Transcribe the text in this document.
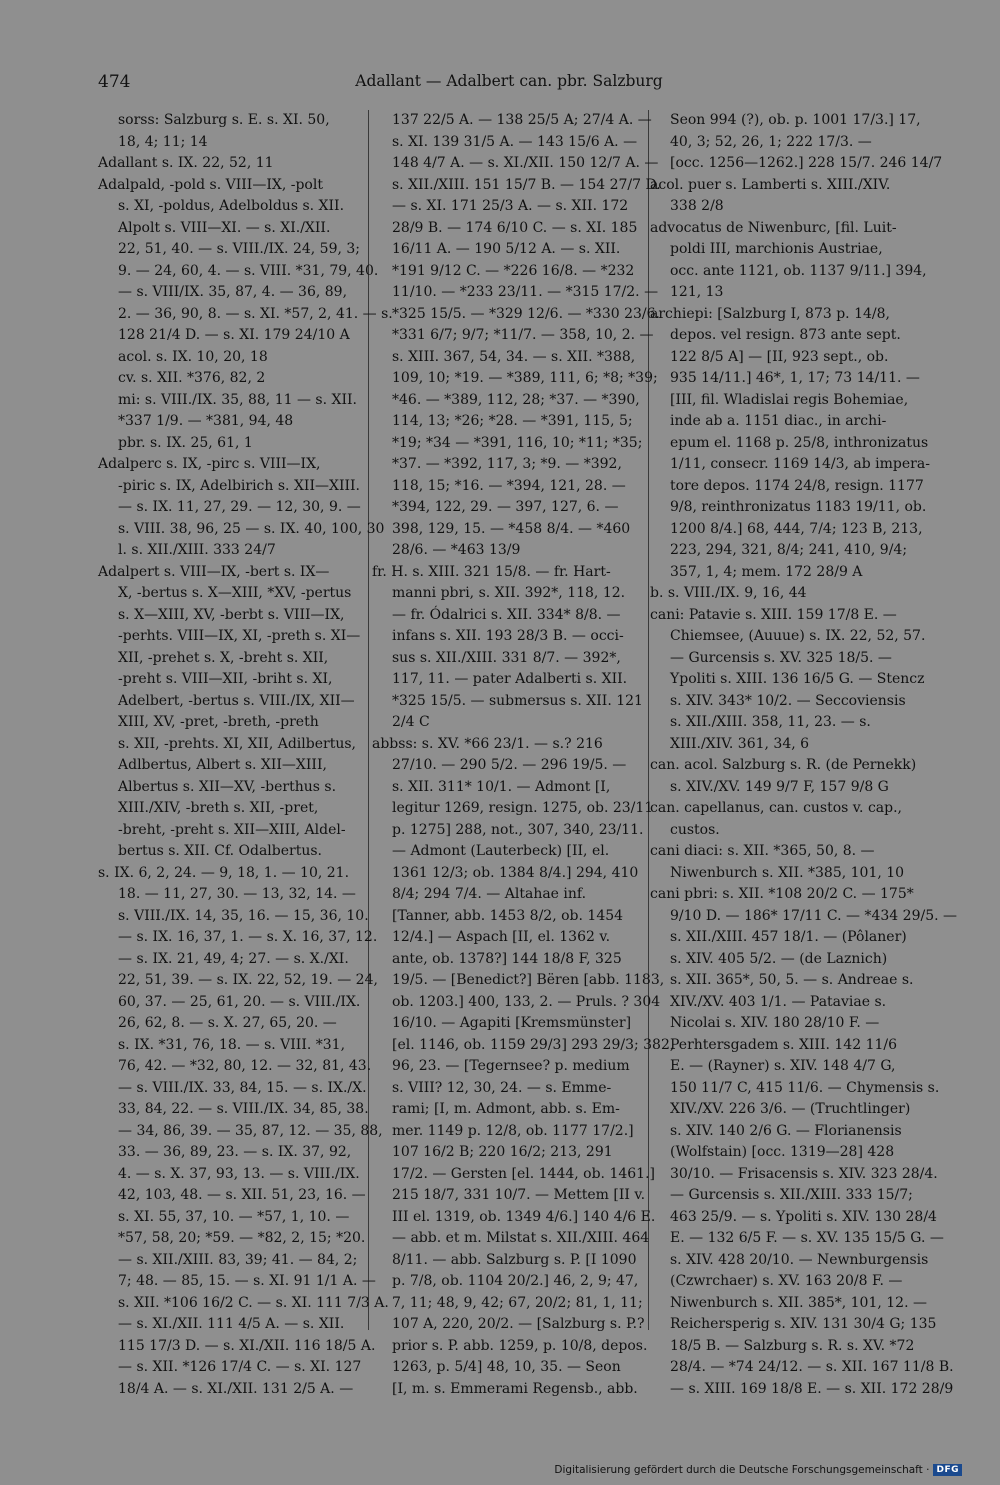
474	Adallant — Adalbert can. pbr. Salzburg
sorss: Salzburg s. E. s. XI. 50,
18, 4; 11; 14
Adallant s. IX. 22, 52, 11
Adalpald, -pold s. VIII—IX, -polt
s. XI, -poldus, Adelboldus s. XII.
Alpolt s. VIII—XI. — s. XI./XII.
22, 51, 40. — s. VIII./IX. 24, 59, 3;
9. — 24, 60, 4. — s. VIII. *31, 79, 40.
— s. VIII/IX. 35, 87, 4. — 36, 89,
2. — 36, 90, 8. — s. XI. *57, 2, 41. — s.
128 21/4 D. — s. XI. 179 24/10 A
acol. s. IX. 10, 20, 18
cv. s. XII. *376, 82, 2
mi: s. VIII./IX. 35, 88, 11 — s. XII.
*337 1/9. — *381, 94, 48
pbr. s. IX. 25, 61, 1
Adalperc s. IX, -pirc s. VIII—IX,
-piric s. IX, Adelbirich s. XII—XIII.
— s. IX. 11, 27, 29. — 12, 30, 9. —
s. VIII. 38, 96, 25 — s. IX. 40, 100, 30
l. s. XII./XIII. 333 24/7
Adalpert s. VIII—IX, -bert s. IX—
X, -bertus s. X—XIII, *XV, -pertus
s. X—XIII, XV, -berbt s. VIII—IX,
-perhts. VIII—IX, XI, -preth s. XI—
XII, -prehet s. X, -breht s. XII,
-preht s. VIII—XII, -briht s. XI,
Adelbert, -bertus s. VIII./IX, XII—
XIII, XV, -pret, -breth, -preth
s. XII, -prehts. XI, XII, Adilbertus,
Adlbertus, Albert s. XII—XIII,
Albertus s. XII—XV, -berthus s.
XIII./XIV, -breth s. XII, -pret,
-breht, -preht s. XII—XIII, Aldel-
bertus s. XII. Cf. Odalbertus.
s. IX. 6, 2, 24. — 9, 18, 1. — 10, 21.
18. — 11, 27, 30. — 13, 32, 14. —
s. VIII./IX. 14, 35, 16. — 15, 36, 10.
— s. IX. 16, 37, 1. — s. X. 16, 37, 12.
— s. IX. 21, 49, 4; 27. — s. X./XI.
22, 51, 39. — s. IX. 22, 52, 19. — 24,
60, 37. — 25, 61, 20. — s. VIII./IX.
26, 62, 8. — s. X. 27, 65, 20. —
s. IX. *31, 76, 18. — s. VIII. *31,
76, 42. — *32, 80, 12. — 32, 81, 43.
— s. VIII./IX. 33, 84, 15. — s. IX./X.
33, 84, 22. — s. VIII./IX. 34, 85, 38.
— 34, 86, 39. — 35, 87, 12. — 35, 88,
33. — 36, 89, 23. — s. IX. 37, 92,
4. — s. X. 37, 93, 13. — s. VIII./IX.
42, 103, 48. — s. XII. 51, 23, 16. —
s. XI. 55, 37, 10. — *57, 1, 10. —
*57, 58, 20; *59. — *82, 2, 15; *20.
— s. XII./XIII. 83, 39; 41. — 84, 2;
7; 48. — 85, 15. — s. XI. 91 1/1 A. —
s. XII. *106 16/2 C. — s. XI. 111 7/3 A.
— s. XI./XII. 111 4/5 A. — s. XII.
115 17/3 D. — s. XI./XII. 116 18/5 A.
— s. XII. *126 17/4 C. — s. XI. 127
18/4 A. — s. XI./XII. 131 2/5 A. —
137 22/5 A. — 138 25/5 A; 27/4 A. —
s. XI. 139 31/5 A. — 143 15/6 A. —
148 4/7 A. — s. XI./XII. 150 12/7 A. —
s. XII./XIII. 151 15/7 B. — 154 27/7 D.
— s. XI. 171 25/3 A. — s. XII. 172
28/9 B. — 174 6/10 C. — s. XI. 185
16/11 A. — 190 5/12 A. — s. XII.
*191 9/12 C. — *226 16/8. — *232
11/10. — *233 23/11. — *315 17/2. —
*325 15/5. — *329 12/6. — *330 23/6.
*331 6/7; 9/7; *11/7. — 358, 10, 2. —
s. XIII. 367, 54, 34. — s. XII. *388,
109, 10; *19. — *389, 111, 6; *8; *39;
*46. — *389, 112, 28; *37. — *390,
114, 13; *26; *28. — *391, 115, 5;
*19; *34 — *391, 116, 10; *11; *35;
*37. — *392, 117, 3; *9. — *392,
118, 15; *16. — *394, 121, 28. —
*394, 122, 29. — 397, 127, 6. —
398, 129, 15. — *458 8/4. — *460
28/6. — *463 13/9
fr. H. s. XIII. 321 15/8. — fr. Hart-
manni pbri, s. XII. 392*, 118, 12.
— fr. Ódalrici s. XII. 334* 8/8. —
infans s. XII. 193 28/3 B. — occi-
sus s. XII./XIII. 331 8/7. — 392*,
117, 11. — pater Adalberti s. XII.
*325 15/5. — submersus s. XII. 121
2/4 C
abbss: s. XV. *66 23/1. — s.? 216
27/10. — 290 5/2. — 296 19/5. —
s. XII. 311* 10/1. — Admont [I,
legitur 1269, resign. 1275, ob. 23/11
p. 1275] 288, not., 307, 340, 23/11.
— Admont (Lauterbeck) [II, el.
1361 12/3; ob. 1384 8/4.] 294, 410
8/4; 294 7/4. — Altahae inf.
[Tanner, abb. 1453 8/2, ob. 1454
12/4.] — Aspach [II, el. 1362 v.
ante, ob. 1378?] 144 18/8 F, 325
19/5. — [Benedict?] Bëren [abb. 1183,
ob. 1203.] 400, 133, 2. — Pruls. ? 304
16/10. — Agapiti [Kremsmünster]
[el. 1146, ob. 1159 29/3] 293 29/3; 382,
96, 23. — [Tegernsee? p. medium
s. VIII? 12, 30, 24. — s. Emme-
rami; [I, m. Admont, abb. s. Em-
mer. 1149 p. 12/8, ob. 1177 17/2.]
107 16/2 B; 220 16/2; 213, 291
17/2. — Gersten [el. 1444, ob. 1461.]
215 18/7, 331 10/7. — Mettem [II v.
III el. 1319, ob. 1349 4/6.] 140 4/6 E.
— abb. et m. Milstat s. XII./XIII. 464
8/11. — abb. Salzburg s. P. [I 1090
p. 7/8, ob. 1104 20/2.] 46, 2, 9; 47,
7, 11; 48, 9, 42; 67, 20/2; 81, 1, 11;
107 A, 220, 20/2. — [Salzburg s. P.?
prior s. P. abb. 1259, p. 10/8, depos.
1263, p. 5/4] 48, 10, 35. — Seon
[I, m. s. Emmerami Regensb., abb.
Seon 994 (?), ob. p. 1001 17/3.] 17,
40, 3; 52, 26, 1; 222 17/3. —
[occ. 1256—1262.] 228 15/7. 246 14/7
acol. puer s. Lamberti s. XIII./XIV.
338 2/8
advocatus de Niwenburc, [fil. Luit-
poldi III, marchionis Austriae,
occ. ante 1121, ob. 1137 9/11.] 394,
121, 13
archiepi: [Salzburg I, 873 p. 14/8,
depos. vel resign. 873 ante sept.
122 8/5 A] — [II, 923 sept., ob.
935 14/11.] 46*, 1, 17; 73 14/11. —
[III, fil. Wladislai regis Bohemiae,
inde ab a. 1151 diac., in archi-
epum el. 1168 p. 25/8, inthronizatus
1/11, consecr. 1169 14/3, ab impera-
tore depos. 1174 24/8, resign. 1177
9/8, reinthronizatus 1183 19/11, ob.
1200 8/4.] 68, 444, 7/4; 123 B, 213,
223, 294, 321, 8/4; 241, 410, 9/4;
357, 1, 4; mem. 172 28/9 A
b. s. VIII./IX. 9, 16, 44
cani: Patavie s. XIII. 159 17/8 E. —
Chiemsee, (Auuue) s. IX. 22, 52, 57.
— Gurcensis s. XV. 325 18/5. —
Ypoliti s. XIII. 136 16/5 G. — Stencz
s. XIV. 343* 10/2. — Seccoviensis
s. XII./XIII. 358, 11, 23. — s.
XIII./XIV. 361, 34, 6
can. acol. Salzburg s. R. (de Pernekk)
s. XIV./XV. 149 9/7 F, 157 9/8 G
can. capellanus, can. custos v. cap.,
custos.
cani diaci: s. XII. *365, 50, 8. —
Niwenburch s. XII. *385, 101, 10
cani pbri: s. XII. *108 20/2 C. — 175*
9/10 D. — 186* 17/11 C. — *434 29/5. —
s. XII./XIII. 457 18/1. — (Pôlaner)
s. XIV. 405 5/2. — (de Laznich)
s. XII. 365*, 50, 5. — s. Andreae s.
XIV./XV. 403 1/1. — Pataviae s.
Nicolai s. XIV. 180 28/10 F. —
Perhtersgadem s. XIII. 142 11/6
E. — (Rayner) s. XIV. 148 4/7 G,
150 11/7 C, 415 11/6. — Chymensis s.
XIV./XV. 226 3/6. — (Truchtlinger)
s. XIV. 140 2/6 G. — Florianensis
(Wolfstain) [occ. 1319—28] 428
30/10. — Frisacensis s. XIV. 323 28/4.
— Gurcensis s. XII./XIII. 333 15/7;
463 25/9. — s. Ypoliti s. XIV. 130 28/4
E. — 132 6/5 F. — s. XV. 135 15/5 G. —
s. XIV. 428 20/10. — Newnburgensis
(Czwrchaer) s. XV. 163 20/8 F. —
Niwenburch s. XII. 385*, 101, 12. —
Reichersperig s. XIV. 131 30/4 G; 135
18/5 B. — Salzburg s. R. s. XV. *72
28/4. — *74 24/12. — s. XII. 167 11/8 B.
— s. XIII. 169 18/8 E. — s. XII. 172 28/9
Digitalisierung gefördert durch die Deutsche Forschungsgemeinschaft · DFG
